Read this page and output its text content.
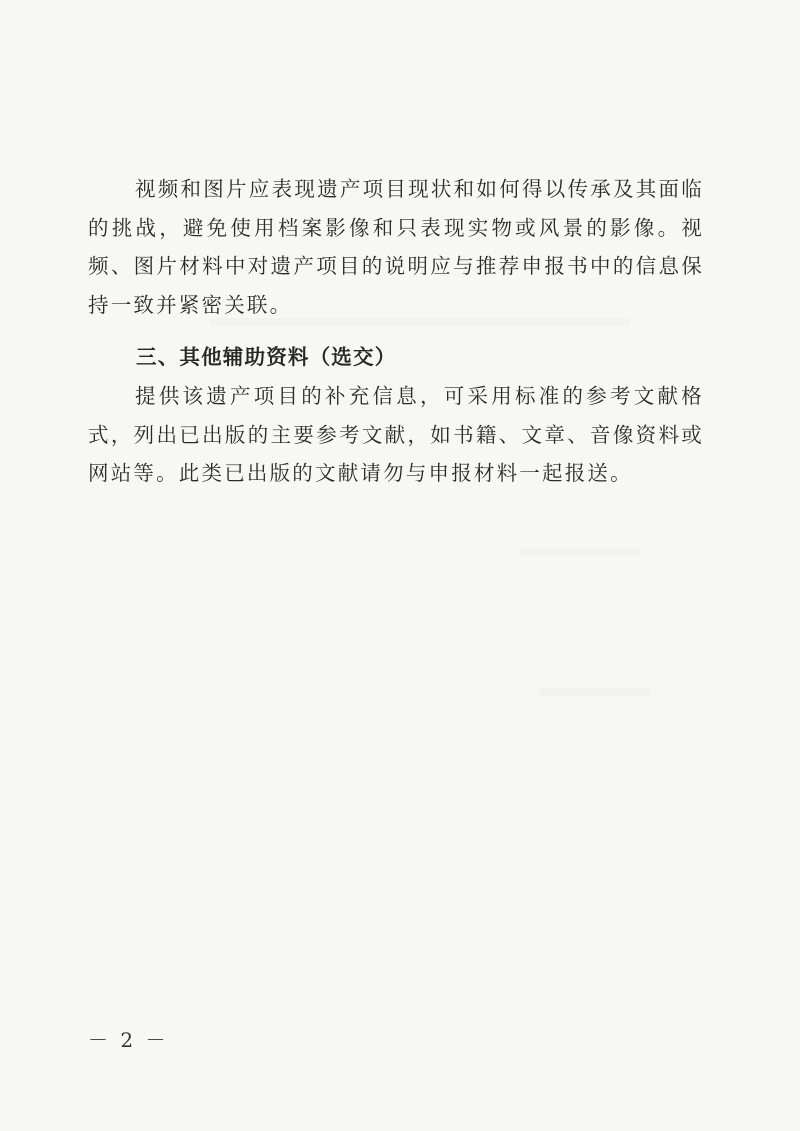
视频和图片应表现遗产项目现状和如何得以传承及其面临的挑战，避免使用档案影像和只表现实物或风景的影像。视频、图片材料中对遗产项目的说明应与推荐申报书中的信息保持一致并紧密关联。
三、其他辅助资料（选交）
提供该遗产项目的补充信息，可采用标准的参考文献格式，列出已出版的主要参考文献，如书籍、文章、音像资料或网站等。此类已出版的文献请勿与申报材料一起报送。
－ 2 －
